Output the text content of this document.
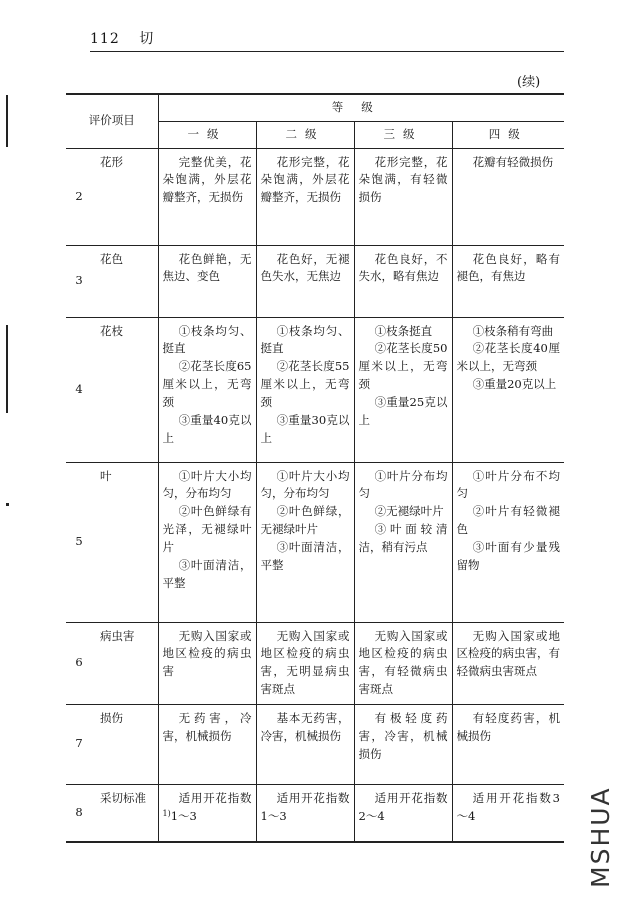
112 切
(续)
评价项目		等级			
		一级	二级	三级	四级
2	花形	完整优美，花朵饱满，外层花瓣整齐，无损伤	花形完整，花朵饱满，外层花瓣整齐，无损伤	花形完整，花朵饱满，有轻微损伤	花瓣有轻微损伤

3	花色	花色鲜艳，无焦边、变色	花色好，无褪色失水，无焦边	花色良好，不失水，略有焦边	花色良好，略有褪色，有焦边

4	花枝	①枝条均匀、挺直
②花茎长度65厘米以上，无弯颈
③重量40克以上	①枝条均匀、挺直
②花茎长度55厘米以上，无弯颈
③重量30克以上	①枝条挺直
②花茎长度50厘米以上，无弯颈
③重量25克以上	①枝条稍有弯曲
②花茎长度40厘米以上，无弯颈
③重量20克以上

5	叶	①叶片大小均匀，分布均匀
②叶色鲜绿有光泽，无褪绿叶片
③叶面清洁，平整	①叶片大小均匀，分布均匀
②叶色鲜绿，无褪绿叶片
③叶面清洁，平整	①叶片分布均匀
②无褪绿叶片
③叶面较清洁，稍有污点	①叶片分布不均匀
②叶片有轻微褪色
③叶面有少量残留物

6	病虫害	无购入国家或地区检疫的病虫害	无购入国家或地区检疫的病虫害，无明显病虫害斑点	无购入国家或地区检疫的病虫害，有轻微病虫害斑点	无购入国家或地区检疫的病虫害，有轻微病虫害斑点

7	损伤	无药害，冷害，机械损伤	基本无药害，冷害，机械损伤	有极轻度药害，冷害，机械损伤	有轻度药害，机械损伤

8	采切标准	适用开花指数$^{1)}$1～3	适用开花指数1～3	适用开花指数2～4	适用开花指数3～4	MSHUA
